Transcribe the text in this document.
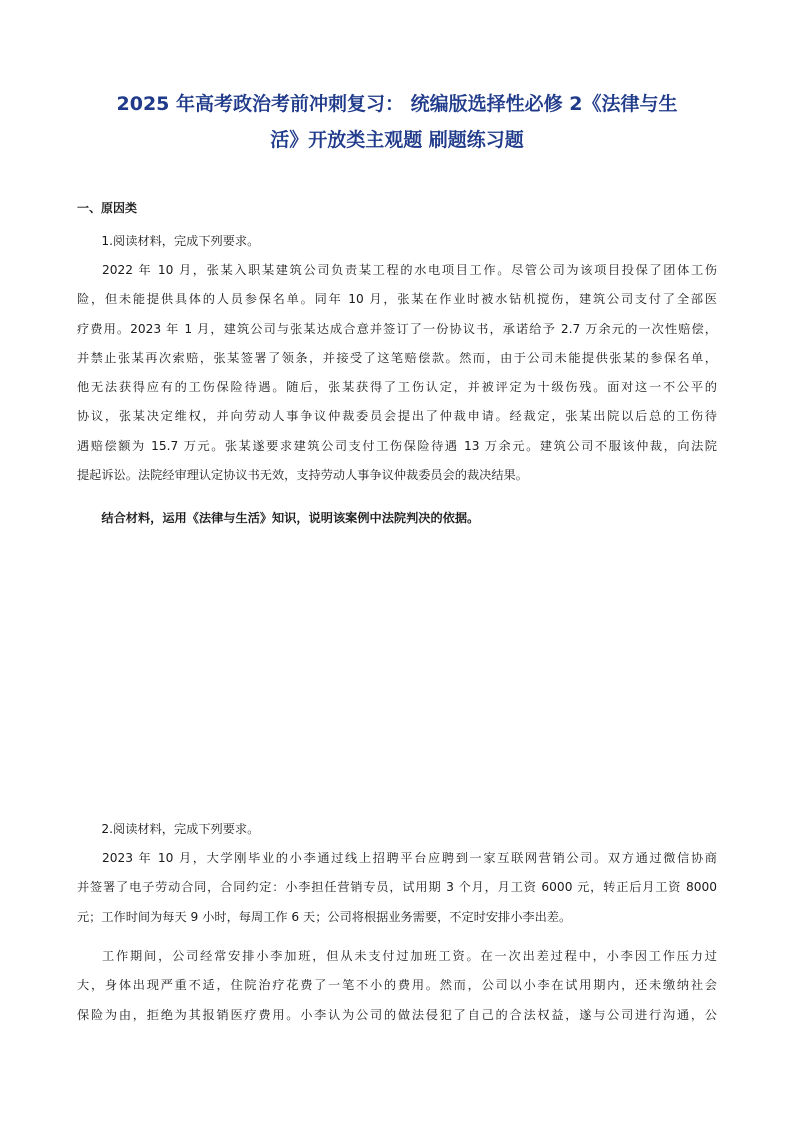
2025 年高考政治考前冲刺复习： 统编版选择性必修 2《法律与生
活》开放类主观题 刷题练习题

一、原因类

1.阅读材料，完成下列要求。

2022 年 10 月，张某入职某建筑公司负责某工程的水电项目工作。尽管公司为该项目投保了团体工伤
险，但未能提供具体的人员参保名单。同年 10 月，张某在作业时被水钻机搅伤，建筑公司支付了全部医
疗费用。2023 年 1 月，建筑公司与张某达成合意并签订了一份协议书，承诺给予 2.7 万余元的一次性赔偿，
并禁止张某再次索赔，张某签署了领条，并接受了这笔赔偿款。然而，由于公司未能提供张某的参保名单，
他无法获得应有的工伤保险待遇。随后，张某获得了工伤认定，并被评定为十级伤残。面对这一不公平的
协议，张某决定维权，并向劳动人事争议仲裁委员会提出了仲裁申请。经裁定，张某出院以后总的工伤待
遇赔偿额为 15.7 万元。张某遂要求建筑公司支付工伤保险待遇 13 万余元。建筑公司不服该仲裁，向法院
提起诉讼。法院经审理认定协议书无效，支持劳动人事争议仲裁委员会的裁决结果。

结合材料，运用《法律与生活》知识，说明该案例中法院判决的依据。

2.阅读材料，完成下列要求。

2023 年 10 月，大学刚毕业的小李通过线上招聘平台应聘到一家互联网营销公司。双方通过微信协商
并签署了电子劳动合同，合同约定：小李担任营销专员，试用期 3 个月，月工资 6000 元，转正后月工资 8000
元；工作时间为每天 9 小时，每周工作 6 天；公司将根据业务需要，不定时安排小李出差。
工作期间，公司经常安排小李加班，但从未支付过加班工资。在一次出差过程中，小李因工作压力过
大，身体出现严重不适，住院治疗花费了一笔不小的费用。然而，公司以小李在试用期内，还未缴纳社会
保险为由，拒绝为其报销医疗费用。小李认为公司的做法侵犯了自己的合法权益，遂与公司进行沟通，公
